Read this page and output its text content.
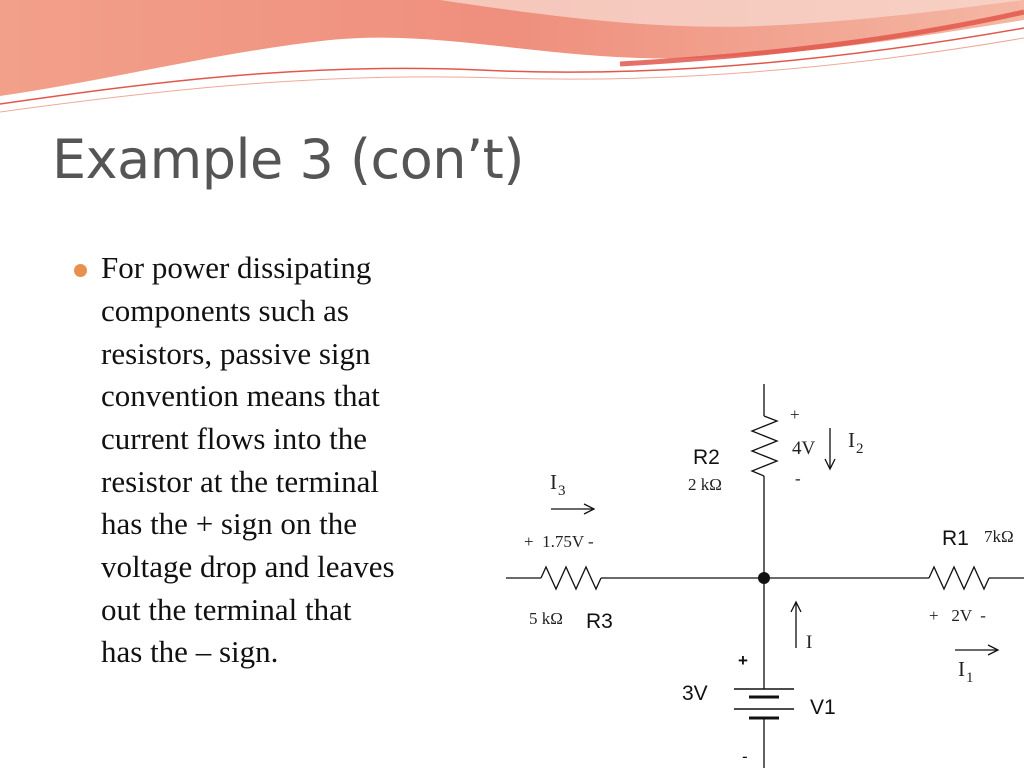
Example 3 (con’t)
For power dissipating
components such as
resistors, passive sign
convention means that
current flows into the
resistor at the terminal
has the + sign on the
voltage drop and leaves
out the terminal that
has the – sign.
+
4V
-
I 2
R2
2 kΩ
I 3
+  1.75V -
5 kΩ R3
R1 7kΩ
+   2V  -
I 1
I
+
3V
V1
-
